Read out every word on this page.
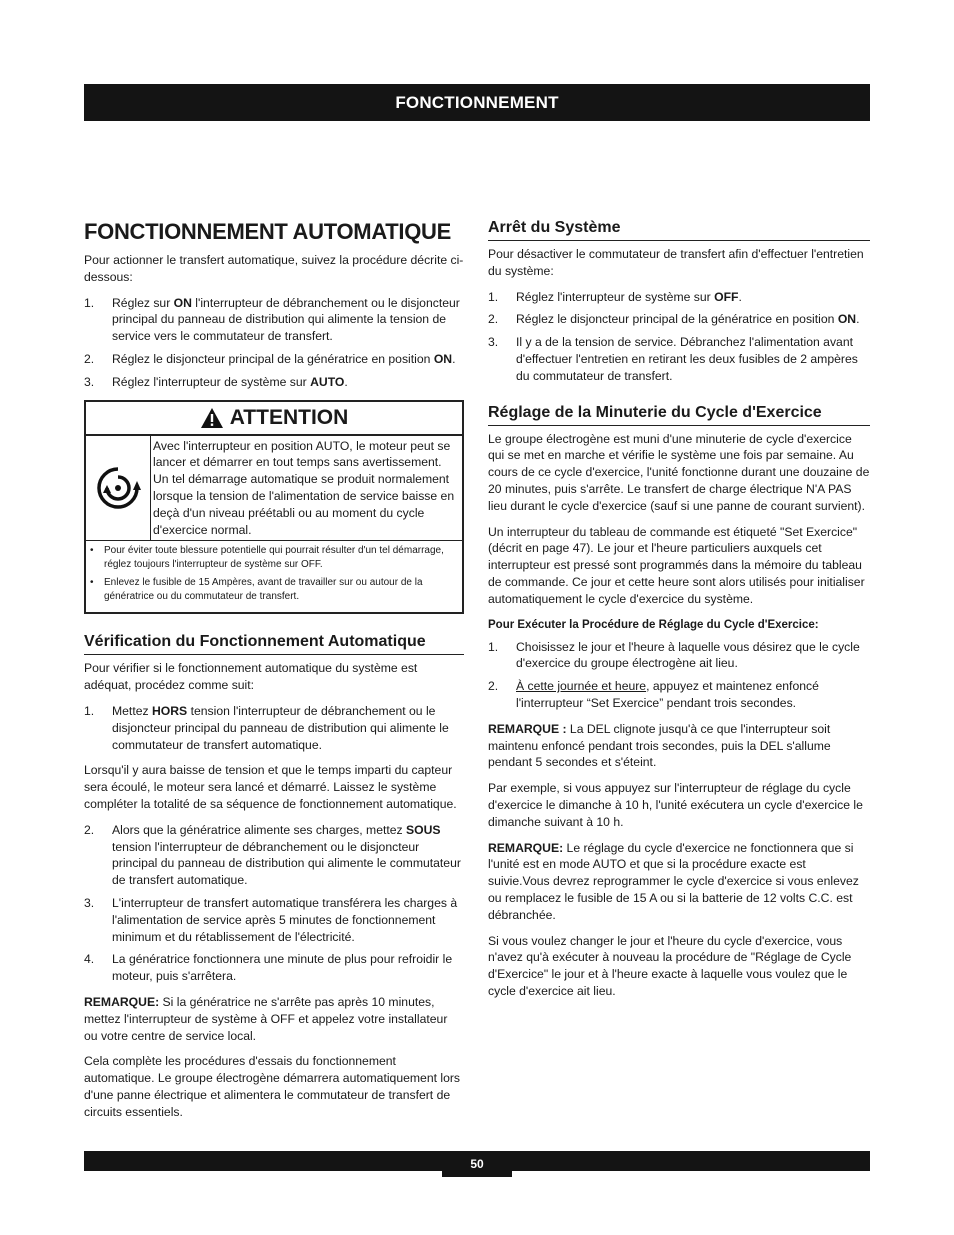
FONCTIONNEMENT
FONCTIONNEMENT AUTOMATIQUE

Pour actionner le transfert automatique, suivez la procédure décrite ci-dessous:

1.	Réglez sur ON l'interrupteur de débranchement ou le disjoncteur principal du panneau de distribution qui alimente la tension de service vers le commutateur de transfert.
2.	Réglez le disjoncteur principal de la génératrice en position ON.
3.	Réglez l'interrupteur de système sur AUTO.
ATTENTION
Avec l'interrupteur en position AUTO, le moteur peut se lancer et démarrer en tout temps sans avertissement. Un tel démarrage automatique se produit normalement lorsque la tension de l'alimentation de service baisse en deçà d'un niveau préétabli ou au moment du cycle d'exercice normal.
•	Pour éviter toute blessure potentielle qui pourrait résulter d'un tel démarrage, réglez toujours l'interrupteur de système sur OFF.
•	Enlevez le fusible de 15 Ampères, avant de travailler sur ou autour de la génératrice ou du commutateur de transfert.
Vérification du Fonctionnement Automatique

Pour vérifier si le fonctionnement automatique du système est adéquat, procédez comme suit:

1.	Mettez HORS tension l'interrupteur de débranchement ou le disjoncteur principal du panneau de distribution qui alimente le commutateur de transfert automatique.

Lorsqu'il y aura baisse de tension et que le temps imparti du capteur sera écoulé, le moteur sera lancé et démarré. Laissez le système compléter la totalité de sa séquence de fonctionnement automatique.

2.	Alors que la génératrice alimente ses charges, mettez SOUS tension l'interrupteur de débranchement ou le disjoncteur principal du panneau de distribution qui alimente le commutateur de transfert automatique.
3.	L'interrupteur de transfert automatique transférera les charges à l'alimentation de service après 5 minutes de fonctionnement minimum et du rétablissement de l'électricité.
4.	La génératrice fonctionnera une minute de plus pour refroidir le moteur, puis s'arrêtera.

REMARQUE: Si la génératrice ne s'arrête pas après 10 minutes, mettez l'interrupteur de système à OFF et appelez votre installateur ou votre centre de service local.

Cela complète les procédures d'essais du fonctionnement automatique. Le groupe électrogène démarrera automatiquement lors d'une panne électrique et alimentera le commutateur de transfert de circuits essentiels.

Arrêt du Système

Pour désactiver le commutateur de transfert afin d'effectuer l'entretien du système:

1.	Réglez l'interrupteur de système sur OFF.
2.	Réglez le disjoncteur principal de la génératrice en position ON.
3.	Il y a de la tension de service. Débranchez l'alimentation avant d'effectuer l'entretien en retirant les deux fusibles de 2 ampères du commutateur de transfert.
Réglage de la Minuterie du Cycle d'Exercice

Le groupe électrogène est muni d'une minuterie de cycle d'exercice qui se met en marche et vérifie le système une fois par semaine. Au cours de ce cycle d'exercice, l'unité fonctionne durant une douzaine de 20 minutes, puis s'arrête. Le transfert de charge électrique N'A PAS lieu durant le cycle d'exercice (sauf si une panne de courant survient).

Un interrupteur du tableau de commande est étiqueté "Set Exercice" (décrit en page 47). Le jour et l'heure particuliers auxquels cet interrupteur est pressé sont programmés dans la mémoire du tableau de commande. Ce jour et cette heure sont alors utilisés pour initialiser automatiquement le cycle d'exercice du système.

Pour Exécuter la Procédure de Réglage du Cycle d'Exercice:
1.	Choisissez le jour et l'heure à laquelle vous désirez que le cycle d'exercice du groupe électrogène ait lieu.
2.	À cette journée et heure, appuyez et maintenez enfoncé l'interrupteur “Set Exercice” pendant trois secondes.

REMARQUE : La DEL clignote jusqu'à ce que l'interrupteur soit maintenu enfoncé pendant trois secondes, puis la DEL s'allume pendant 5 secondes et s'éteint.

Par exemple, si vous appuyez sur l'interrupteur de réglage du cycle d'exercice le dimanche à 10 h, l'unité exécutera un cycle d'exercice le dimanche suivant à 10 h.

REMARQUE: Le réglage du cycle d'exercice ne fonctionnera que si l'unité est en mode AUTO et que si la procédure exacte est suivie.Vous devrez reprogrammer le cycle d'exercice si vous enlevez ou remplacez le fusible de 15 A ou si la batterie de 12 volts C.C. est débranchée.

Si vous voulez changer le jour et l'heure du cycle d'exercice, vous n'avez qu'à exécuter à nouveau la procédure de "Réglage de Cycle d'Exercice" le jour et à l'heure exacte à laquelle vous voulez que le cycle d'exercice ait lieu.

50
